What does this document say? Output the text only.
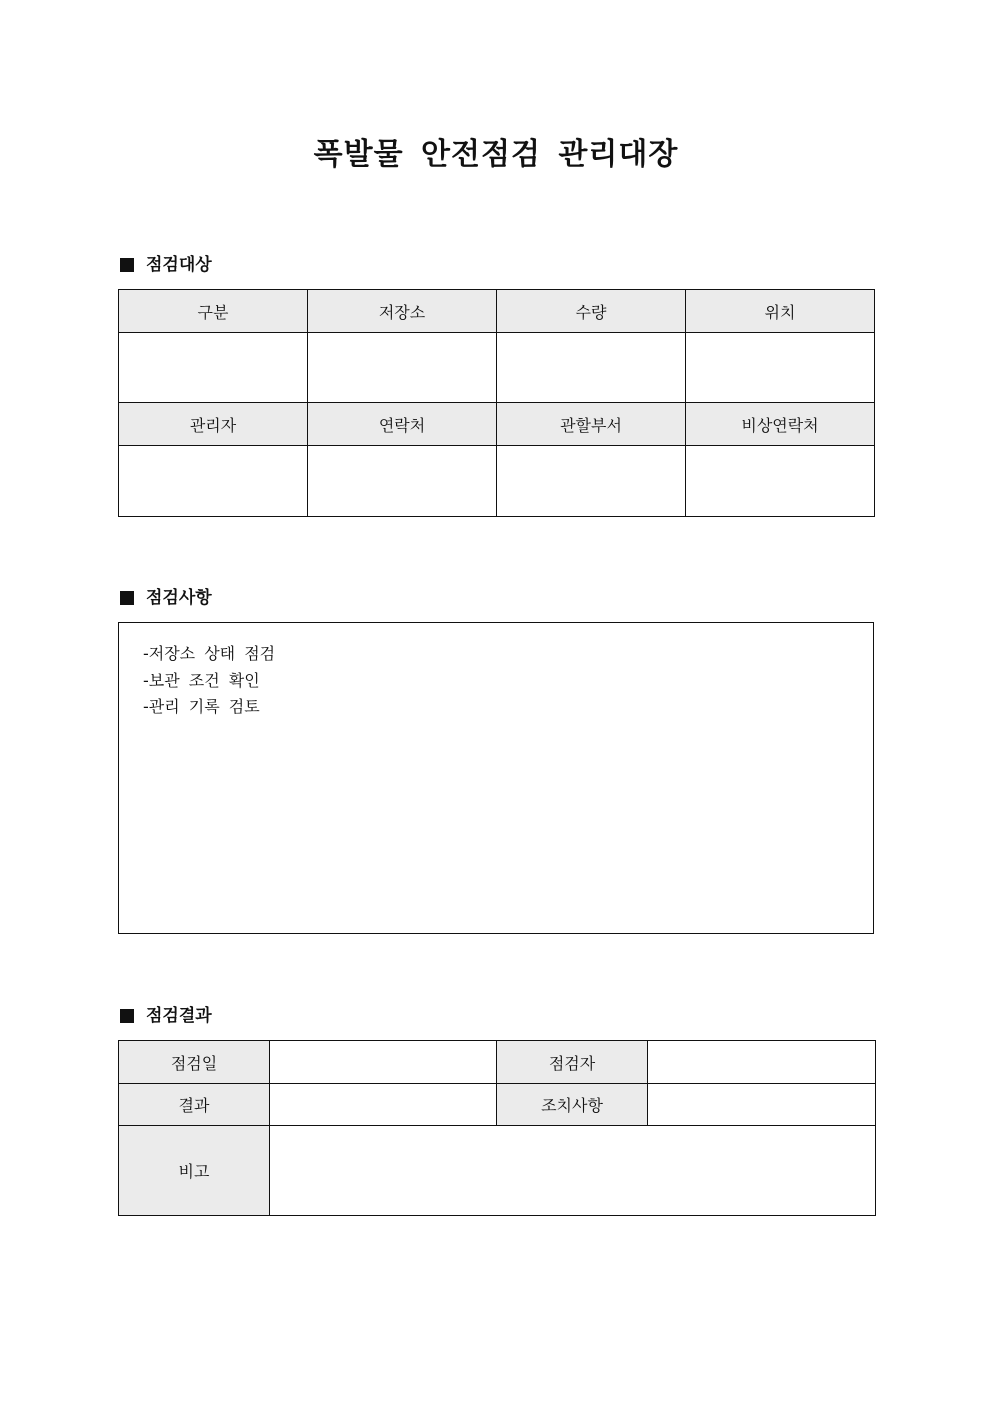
폭발물 안전점검 관리대장
점검대상
구분	저장소	수량	위치

관리자	연락처	관할부서	비상연락처

점검사항
-저장소 상태 점검
-보관 조건 확인
-관리 기록 검토
점검결과
점검일		점검자	
결과		조치사항	
비고			
